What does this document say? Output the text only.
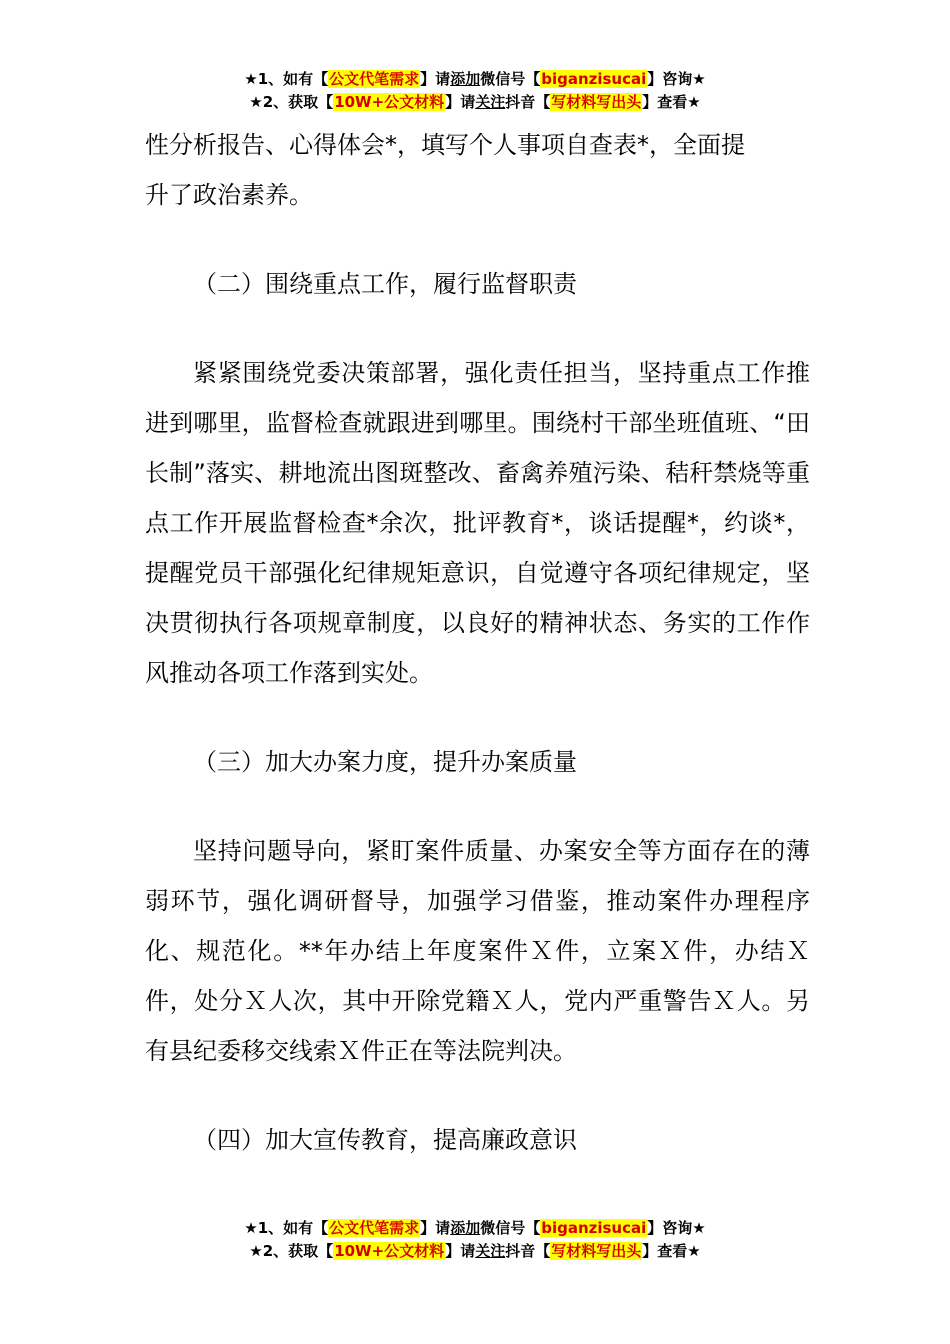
★1、如有【公文代笔需求】请添加微信号【biganzisucai】咨询★
★2、获取【10W+公文材料】请关注抖音【写材料写出头】查看★

性分析报告、心得体会*，填写个人事项自查表*，全面提
升了政治素养。

（二）围绕重点工作，履行监督职责

紧紧围绕党委决策部署，强化责任担当，坚持重点工作推进到哪里，监督检查就跟进到哪里。围绕村干部坐班值班、“田长制”落实、耕地流出图斑整改、畜禽养殖污染、秸秆禁烧等重点工作开展监督检查*余次，批评教育*，谈话提醒*，约谈*，提醒党员干部强化纪律规矩意识，自觉遵守各项纪律规定，坚决贯彻执行各项规章制度，以良好的精神状态、务实的工作作风推动各项工作落到实处。

（三）加大办案力度，提升办案质量

坚持问题导向，紧盯案件质量、办案安全等方面存在的薄弱环节，强化调研督导，加强学习借鉴，推动案件办理程序化、规范化。**年办结上年度案件Ｘ件，立案Ｘ件，办结Ｘ件，处分Ｘ人次，其中开除党籍Ｘ人，党内严重警告Ｘ人。另有县纪委移交线索Ｘ件正在等法院判决。

（四）加大宣传教育，提高廉政意识

★1、如有【公文代笔需求】请添加微信号【biganzisucai】咨询★
★2、获取【10W+公文材料】请关注抖音【写材料写出头】查看★
